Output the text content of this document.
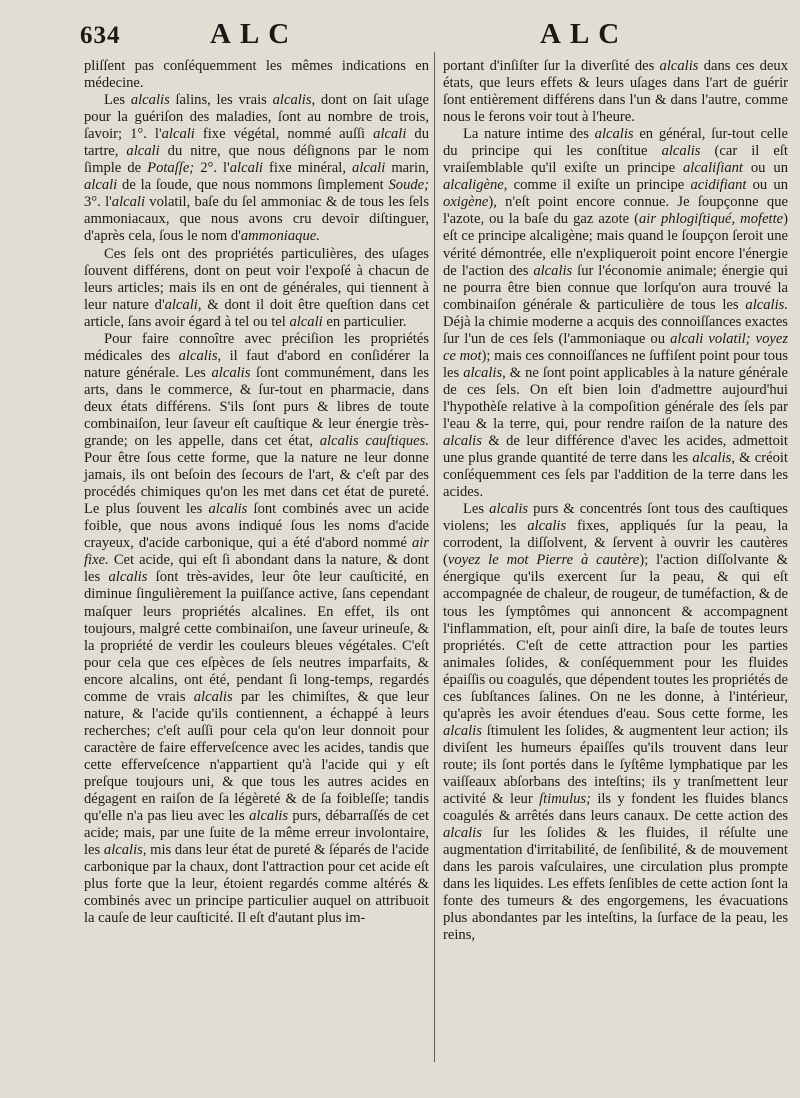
634	ALC	ALC

pliſſent pas conſéquemment les mêmes indications en médecine.

Les alcalis ſalins, les vrais alcalis, dont on ſait uſage pour la guériſon des maladies, ſont au nombre de trois, ſavoir; 1°. l'alcali fixe végétal, nommé auſſi alcali du tartre, alcali du nitre, que nous déſignons par le nom ſimple de Potaſſe; 2°. l'alcali fixe minéral, alcali marin, alcali de la ſoude, que nous nommons ſimplement Soude; 3°. l'alcali volatil, baſe du ſel ammoniac & de tous les ſels ammoniacaux, que nous avons cru devoir diſtinguer, d'après cela, ſous le nom d'ammoniaque.

Ces ſels ont des propriétés particulières, des uſages ſouvent différens, dont on peut voir l'expoſé à chacun de leurs articles; mais ils en ont de générales, qui tiennent à leur nature d'alcali, & dont il doit être queſtion dans cet article, ſans avoir égard à tel ou tel alcali en particulier.

Pour faire connoître avec préciſion les propriétés médicales des alcalis, il faut d'abord en conſidérer la nature générale. Les alcalis ſont communément, dans les arts, dans le commerce, & ſur-tout en pharmacie, dans deux états différens. S'ils ſont purs & libres de toute combinaiſon, leur ſaveur eſt cauſtique & leur énergie très-grande; on les appelle, dans cet état, alcalis cauſtiques. Pour être ſous cette forme, que la nature ne leur donne jamais, ils ont beſoin des ſecours de l'art, & c'eſt par des procédés chimiques qu'on les met dans cet état de pureté. Le plus ſouvent les alcalis ſont combinés avec un acide foible, que nous avons indiqué ſous les noms d'acide crayeux, d'acide carbonique, qui a été d'abord nommé air fixe. Cet acide, qui eſt ſi abondant dans la nature, & dont les alcalis ſont très-avides, leur ôte leur cauſticité, en diminue ſingulièrement la puiſſance active, ſans cependant maſquer leurs propriétés alcalines. En effet, ils ont toujours, malgré cette combinaiſon, une ſaveur urineuſe, & la propriété de verdir les couleurs bleues végétales. C'eſt pour cela que ces eſpèces de ſels neutres imparfaits, & encore alcalins, ont été, pendant ſi long-temps, regardés comme de vrais alcalis par les chimiſtes, & que leur nature, & l'acide qu'ils contiennent, a échappé à leurs recherches; c'eſt auſſi pour cela qu'on leur donnoit pour caractère de faire effervеſcence avec les acides, tandis que cette effervеſcence n'appartient qu'à l'acide qui y eſt preſque toujours uni, & que tous les autres acides en dégagent en raiſon de ſa légèreté & de ſa foibleſſe; tandis qu'elle n'a pas lieu avec les alcalis purs, débarraſſés de cet acide; mais, par une ſuite de la même erreur involontaire, les alcalis, mis dans leur état de pureté & ſéparés de l'acide carbonique par la chaux, dont l'attraction pour cet acide eſt plus forte que la leur, étoient regardés comme altérés & combinés avec un principe particulier auquel on attribuoit la cauſe de leur cauſticité. Il eſt d'autant plus im-

portant d'inſiſter ſur la diverſité des alcalis dans ces deux états, que leurs effets & leurs uſages dans l'art de guérir ſont entièrement différens dans l'un & dans l'autre, comme nous le ferons voir tout à l'heure.

La nature intime des alcalis en général, ſur-tout celle du principe qui les conſtitue alcalis (car il eſt vraiſemblable qu'il exiſte un principe alcaliſiant ou un alcaligène, comme il exiſte un principe acidifiant ou un oxigène), n'eſt point encore connue. Je ſoupçonne que l'azote, ou la baſe du gaz azote (air phlogiſtiqué, mofette) eſt ce principe alcaligène; mais quand le ſoupçon ſeroit une vérité démontrée, elle n'expliqueroit point encore l'énergie de l'action des alcalis ſur l'économie animale; énergie qui ne pourra être bien connue que lorſqu'on aura trouvé la combinaiſon générale & particulière de tous les alcalis. Déjà la chimie moderne a acquis des connoiſſances exactes ſur l'un de ces ſels (l'ammoniaque ou alcali volatil; voyez ce mot); mais ces connoiſſances ne ſuffiſent point pour tous les alcalis, & ne ſont point applicables à la nature générale de ces ſels. On eſt bien loin d'admettre aujourd'hui l'hypothèſe relative à la compoſition générale des ſels par l'eau & la terre, qui, pour rendre raiſon de la nature des alcalis & de leur différence d'avec les acides, admettoit une plus grande quantité de terre dans les alcalis, & créoit conſéquemment ces ſels par l'addition de la terre dans les acides.

Les alcalis purs & concentrés ſont tous des cauſtiques violens; les alcalis fixes, appliqués ſur la peau, la corrodent, la diſſolvent, & ſervent à ouvrir les cautères (voyez le mot Pierre à cautère); l'action diſſolvante & énergique qu'ils exercent ſur la peau, & qui eſt accompagnée de chaleur, de rougeur, de tuméfaction, & de tous les ſymptômes qui annoncent & accompagnent l'inflammation, eſt, pour ainſi dire, la baſe de toutes leurs propriétés. C'eſt de cette attraction pour les parties animales ſolides, & conſéquemment pour les fluides épaiſſis ou coagulés, que dépendent toutes les propriétés de ces ſubſtances ſalines. On ne les donne, à l'intérieur, qu'après les avoir étendues d'eau. Sous cette forme, les alcalis ſtimulent les ſolides, & augmentent leur action; ils diviſent les humeurs épaiſſes qu'ils trouvent dans leur route; ils ſont portés dans le ſyſtême lymphatique par les vaiſſeaux abſorbans des inteſtins; ils y tranſmettent leur activité & leur ſtimulus; ils y fondent les fluides blancs coagulés & arrêtés dans leurs canaux. De cette action des alcalis ſur les ſolides & les fluides, il réſulte une augmentation d'irritabilité, de ſenſibilité, & de mouvement dans les parois vaſculaires, une circulation plus prompte dans les liquides. Les effets ſenſibles de cette action ſont la fonte des tumeurs & des engorgemens, les évacuations plus abondantes par les inteſtins, la ſurface de la peau, les reins,
